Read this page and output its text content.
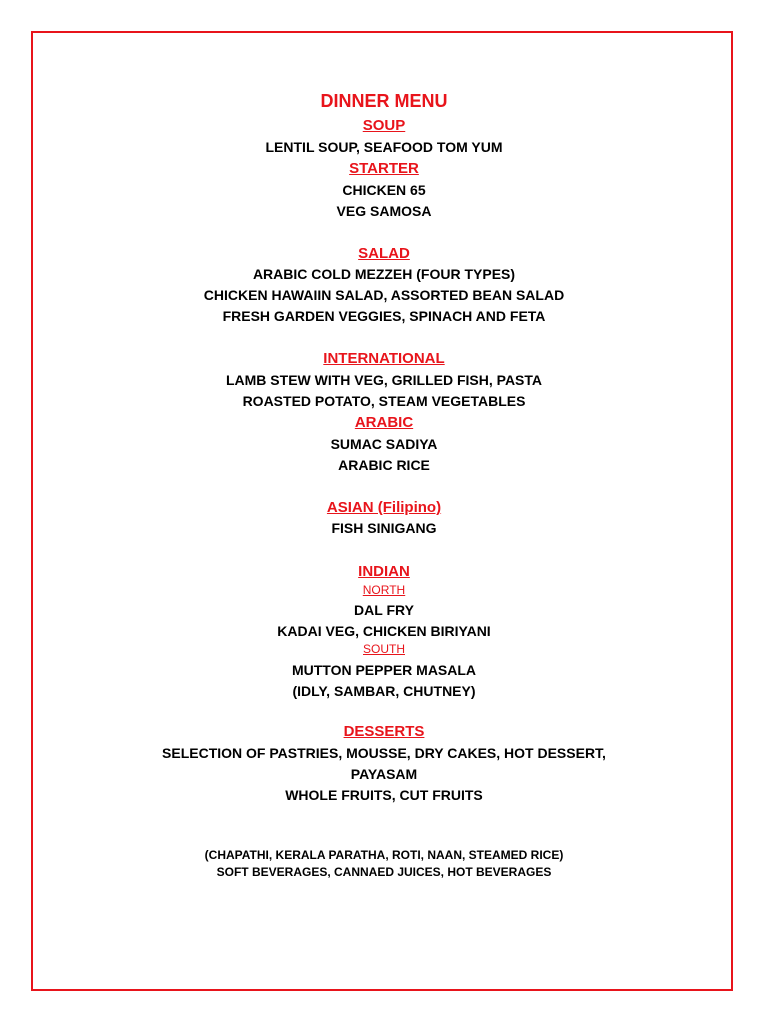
DINNER MENU
SOUP
LENTIL SOUP, SEAFOOD TOM YUM
STARTER
CHICKEN 65
VEG SAMOSA
SALAD
ARABIC COLD MEZZEH (FOUR TYPES)
CHICKEN HAWAIIN SALAD, ASSORTED BEAN SALAD
FRESH GARDEN VEGGIES, SPINACH AND FETA
INTERNATIONAL
LAMB STEW WITH VEG, GRILLED FISH, PASTA
ROASTED POTATO, STEAM VEGETABLES
ARABIC
SUMAC SADIYA
ARABIC RICE
ASIAN (Filipino)
FISH SINIGANG
INDIAN
NORTH
DAL FRY
KADAI VEG, CHICKEN BIRIYANI
SOUTH
MUTTON PEPPER MASALA
(IDLY, SAMBAR, CHUTNEY)
DESSERTS
SELECTION OF PASTRIES, MOUSSE, DRY CAKES, HOT DESSERT,
PAYASAM
WHOLE FRUITS, CUT FRUITS
(CHAPATHI, KERALA PARATHA, ROTI, NAAN, STEAMED RICE)
SOFT BEVERAGES, CANNAED JUICES, HOT BEVERAGES
